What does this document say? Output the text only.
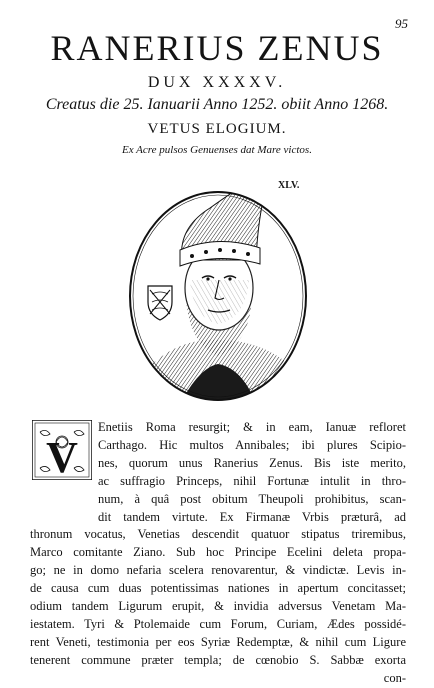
95
RANERIUS ZENUS
DUX XXXXV.
Creatus die 25. Ianuarii Anno 1252. obiit Anno 1268.
VETUS ELOGIUM.
Ex Acre pulsos Genuenses dat Mare victos.
XLV.
V
Enetiis Roma resurgit; & in eam, Ianuæ refloret
Carthago. Hic multos Annibales; ibi plures Scipio-
nes, quorum unus Ranerius Zenus. Bis iste merito,
ac suffragio Princeps, nihil Fortunæ intulit in thro-
num, à quâ post obitum Theupoli prohibitus, scan-
dit tandem virtute. Ex Firmanæ Vrbis præturâ, ad
thronum vocatus, Venetias descendit quatuor stipatus triremibus,
Marco comitante Ziano. Sub hoc Principe Ecelini deleta propa-
go; ne in domo nefaria scelera renovarentur, & vindictæ. Levis in-
de causa cum duas potentissimas nationes in apertum concitasset;
odium tandem Ligurum erupit, & invidia adversus Venetam Ma-
iestatem. Tyri & Ptolemaide cum Forum, Curiam, Ædes possidé-
rent Veneti, testimonia per eos Syriæ Redemptæ, & nihil cum Ligure
tenerent commune præter templa; de cœnobio S. Sabbæ exorta
con-
